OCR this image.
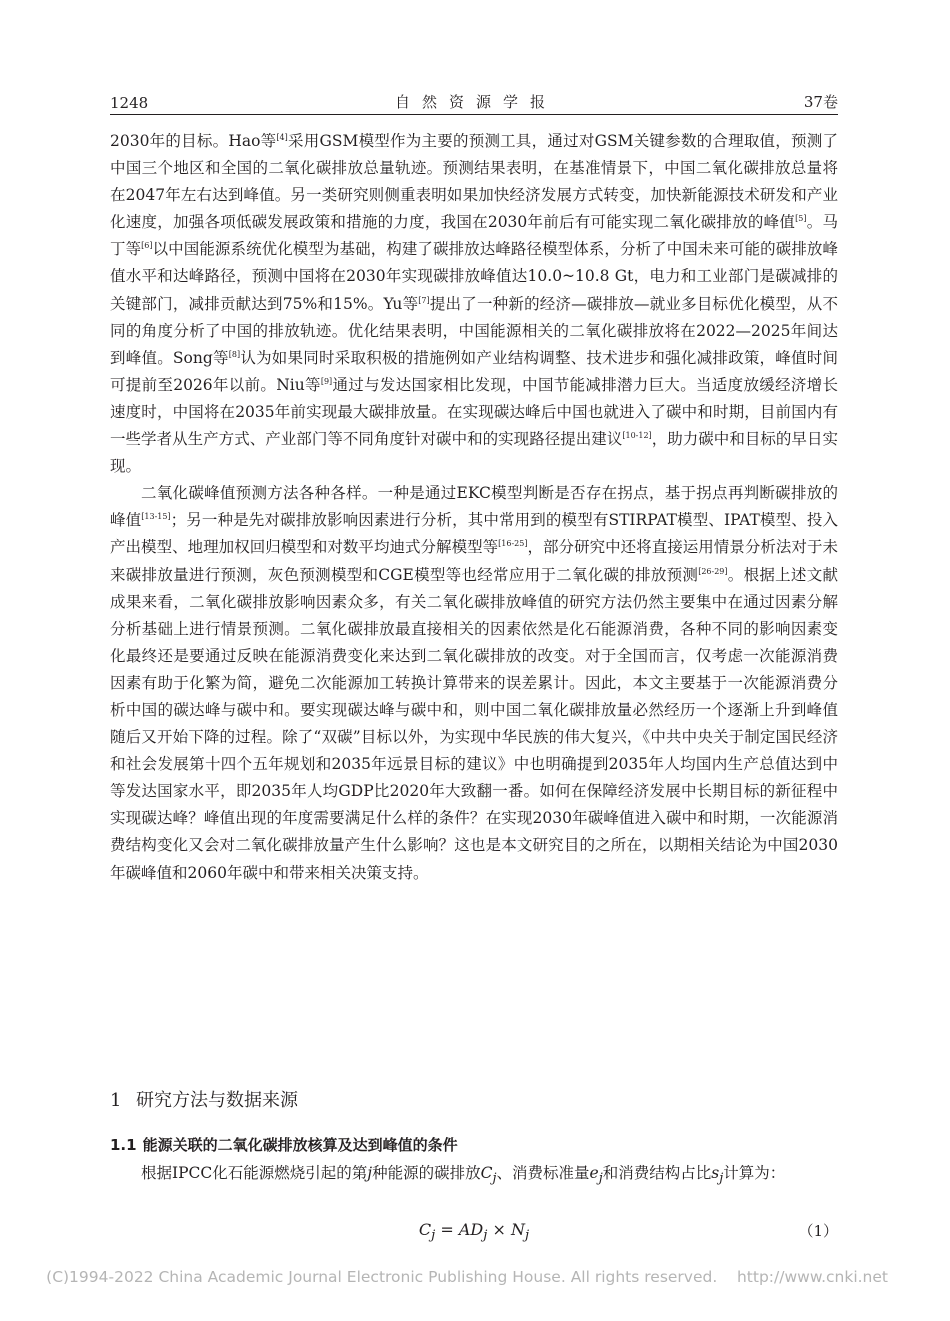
1248	自然资源学报	37卷

2030年的目标。Hao等[4]采用GSM模型作为主要的预测工具，通过对GSM关键参数的合理取值，预测了中国三个地区和全国的二氧化碳排放总量轨迹。预测结果表明，在基准情景下，中国二氧化碳排放总量将在2047年左右达到峰值。另一类研究则侧重表明如果加快经济发展方式转变，加快新能源技术研发和产业化速度，加强各项低碳发展政策和措施的力度，我国在2030年前后有可能实现二氧化碳排放的峰值[5]。马丁等[6]以中国能源系统优化模型为基础，构建了碳排放达峰路径模型体系，分析了中国未来可能的碳排放峰值水平和达峰路径，预测中国将在2030年实现碳排放峰值达10.0~10.8 Gt，电力和工业部门是碳减排的关键部门，减排贡献达到75%和15%。Yu等[7]提出了一种新的经济—碳排放—就业多目标优化模型，从不同的角度分析了中国的排放轨迹。优化结果表明，中国能源相关的二氧化碳排放将在2022—2025年间达到峰值。Song等[8]认为如果同时采取积极的措施例如产业结构调整、技术进步和强化减排政策，峰值时间可提前至2026年以前。Niu等[9]通过与发达国家相比发现，中国节能减排潜力巨大。当适度放缓经济增长速度时，中国将在2035年前实现最大碳排放量。在实现碳达峰后中国也就进入了碳中和时期，目前国内有一些学者从生产方式、产业部门等不同角度针对碳中和的实现路径提出建议[10-12]，助力碳中和目标的早日实现。

二氧化碳峰值预测方法各种各样。一种是通过EKC模型判断是否存在拐点，基于拐点再判断碳排放的峰值[13-15]；另一种是先对碳排放影响因素进行分析，其中常用到的模型有STIRPAT模型、IPAT模型、投入产出模型、地理加权回归模型和对数平均迪式分解模型等[16-25]，部分研究中还将直接运用情景分析法对于未来碳排放量进行预测，灰色预测模型和CGE模型等也经常应用于二氧化碳的排放预测[26-29]。根据上述文献成果来看，二氧化碳排放影响因素众多，有关二氧化碳排放峰值的研究方法仍然主要集中在通过因素分解分析基础上进行情景预测。二氧化碳排放最直接相关的因素依然是化石能源消费，各种不同的影响因素变化最终还是要通过反映在能源消费变化来达到二氧化碳排放的改变。对于全国而言，仅考虑一次能源消费因素有助于化繁为简，避免二次能源加工转换计算带来的误差累计。因此，本文主要基于一次能源消费分析中国的碳达峰与碳中和。要实现碳达峰与碳中和，则中国二氧化碳排放量必然经历一个逐渐上升到峰值随后又开始下降的过程。除了“双碳”目标以外，为实现中华民族的伟大复兴，《中共中央关于制定国民经济和社会发展第十四个五年规划和2035年远景目标的建议》中也明确提到2035年人均国内生产总值达到中等发达国家水平，即2035年人均GDP比2020年大致翻一番。如何在保障经济发展中长期目标的新征程中实现碳达峰？峰值出现的年度需要满足什么样的条件？在实现2030年碳峰值进入碳中和时期，一次能源消费结构变化又会对二氧化碳排放量产生什么影响？这也是本文研究目的之所在，以期相关结论为中国2030年碳峰值和2060年碳中和带来相关决策支持。

1 研究方法与数据来源
1.1 能源关联的二氧化碳排放核算及达到峰值的条件

根据IPCC化石能源燃烧引起的第j种能源的碳排放$C_j$、消费标准量$e_j$和消费结构占比$s_j$计算为：

$C_j = AD_j \times N_j$	（1）
(C)1994-2022 China Academic Journal Electronic Publishing House. All rights reserved.    http://www.cnki.net
